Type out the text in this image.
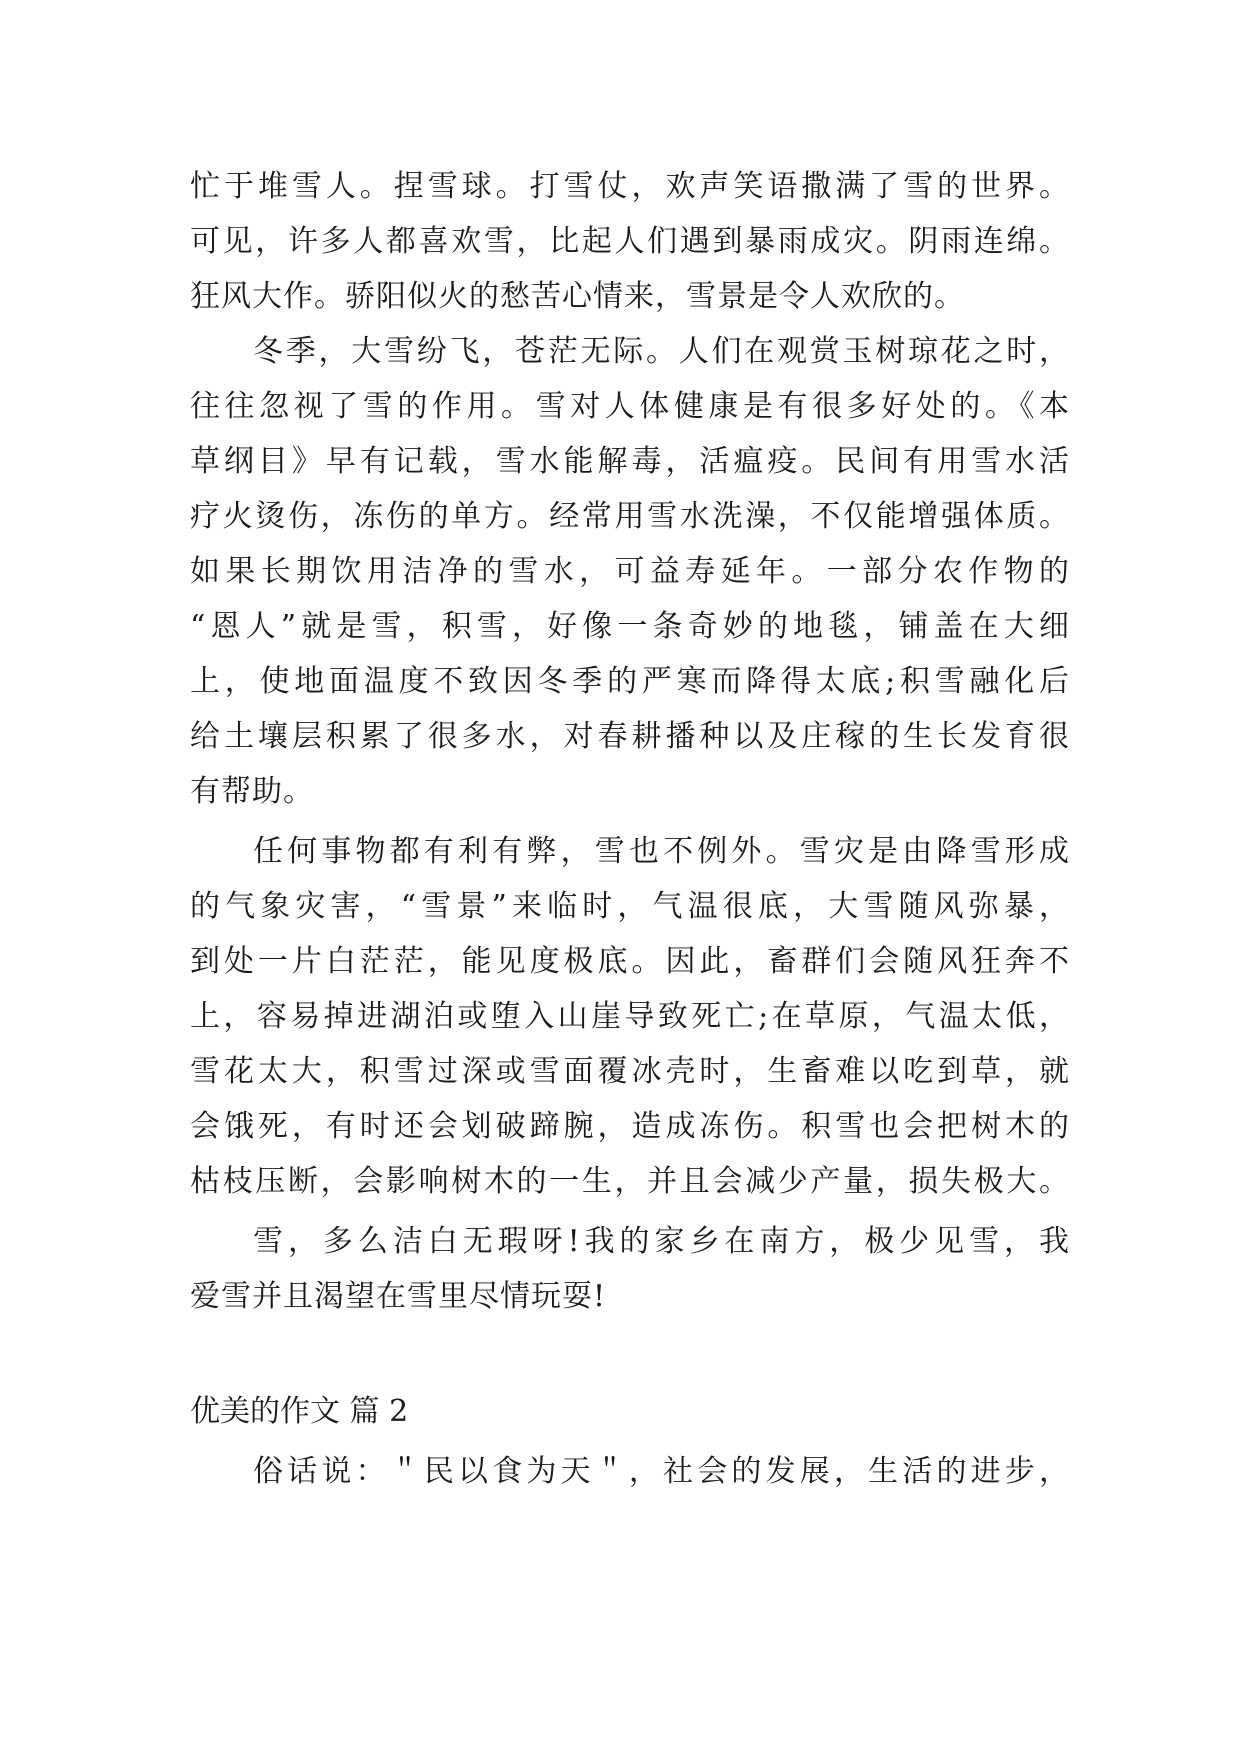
忙于堆雪人。捏雪球。打雪仗，欢声笑语撒满了雪的世界。
可见，许多人都喜欢雪，比起人们遇到暴雨成灾。阴雨连绵。
狂风大作。骄阳似火的愁苦心情来，雪景是令人欢欣的。
冬季，大雪纷飞，苍茫无际。人们在观赏玉树琼花之时，
往往忽视了雪的作用。雪对人体健康是有很多好处的。《本
草纲目》早有记载，雪水能解毒，活瘟疫。民间有用雪水活
疗火烫伤，冻伤的单方。经常用雪水洗澡，不仅能增强体质。
如果长期饮用洁净的雪水，可益寿延年。一部分农作物的
“恩人”就是雪，积雪，好像一条奇妙的地毯，铺盖在大细
上，使地面温度不致因冬季的严寒而降得太底;积雪融化后
给土壤层积累了很多水，对春耕播种以及庄稼的生长发育很
有帮助。
任何事物都有利有弊，雪也不例外。雪灾是由降雪形成
的气象灾害，“雪景”来临时，气温很底，大雪随风弥暴，
到处一片白茫茫，能见度极底。因此，畜群们会随风狂奔不
上，容易掉进湖泊或堕入山崖导致死亡;在草原，气温太低，
雪花太大，积雪过深或雪面覆冰壳时，生畜难以吃到草，就
会饿死，有时还会划破蹄腕，造成冻伤。积雪也会把树木的
枯枝压断，会影响树木的一生，并且会减少产量，损失极大。
雪，多么洁白无瑕呀!我的家乡在南方，极少见雪，我
爱雪并且渴望在雪里尽情玩耍!
优美的作文 篇 2
俗话说：＂民以食为天＂，社会的发展，生活的进步，
